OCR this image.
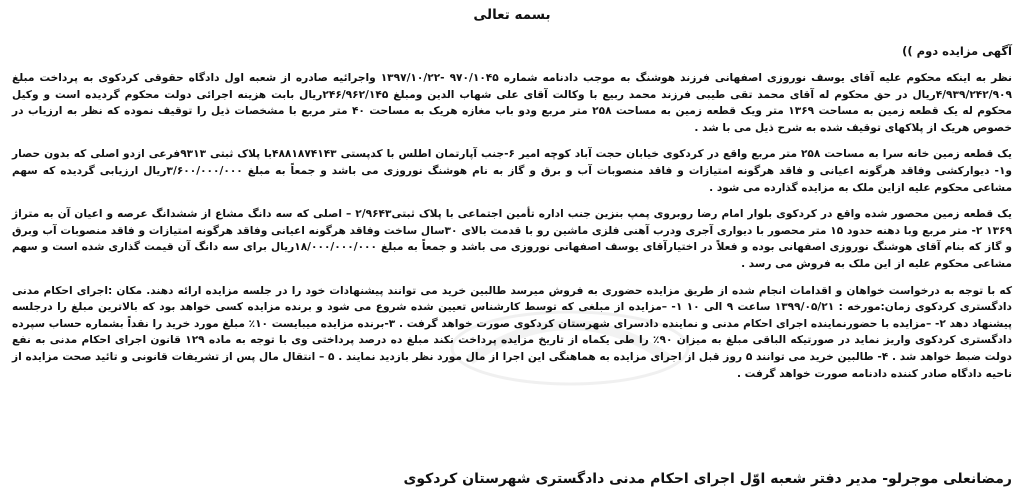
بسمه تعالی
آگهی مزایده دوم ))

نظر به اینکه محکوم علیه آقای یوسف نوروزی اصفهانی فرزند هوشنگ به موجب دادنامه شماره ۹۷۰/۱۰۴۵ -۱۳۹۷/۱۰/۲۲ واجرائیه صادره از شعبه اول دادگاه حقوقی کردکوی به پرداخت مبلغ ۴/۹۳۹/۲۴۲/۹۰۹ریال در حق محکوم له آقای محمد تقی طیبی فرزند محمد ربیع با وکالت آقای علی شهاب الدین ومبلغ ۲۴۶/۹۶۲/۱۴۵ریال بابت هزینه اجرائی دولت محکوم گردیده است و وکیل محکوم له یک قطعه زمین به مساحت ۱۳۶۹ متر ویک قطعه زمین به مساحت ۲۵۸ متر مربع ودو باب مغازه هریک به مساحت ۴۰ متر مربع با مشخصات ذیل را توقیف نموده که نظر به ارزیاب در خصوص هریک از پلاکهای توقیف شده به شرح ذیل می با شد .

یک قطعه زمین خانه سرا به مساحت ۲۵۸ متر مربع واقع در کردکوی خیابان حجت آباد کوچه امیر ۶-جنب آپارتمان اطلس با کدپستی ۴۸۸۱۸۷۴۱۴۳با پلاک ثبتی ۹۳۱۳فرعی ازدو اصلی که بدون حصار و۱- دیوارکشی وفاقد هرگونه اعیانی و فاقد هرگونه امتیازات و فاقد منصوبات آب و برق و گاز به نام هوشنگ نوروزی می باشد و جمعاً به مبلغ ۳/۶۰۰/۰۰۰/۰۰۰ریال ارزیابی گردیده که سهم مشاعی محکوم علیه ازاین ملک به مزایده گذارده می شود .

یک قطعه زمین محصور شده واقع در کردکوی بلوار امام رضا روبروی پمپ بنزین جنب اداره تأمین اجتماعی با پلاک ثبتی۲/۹۶۴۳ – اصلی که سه دانگ مشاع از ششدانگ عرصه و اعیان آن به متراژ ۱۳۶۹ ۲- متر مربع وبا دهنه حدود ۱۵ متر محصور با دیواری آجری ودرب آهنی فلزی ماشین رو با قدمت بالای ۳۰سال ساخت وفاقد هرگونه اعیانی وفاقد هرگونه امتیازات و فاقد منصوبات آب وبرق و گاز که بنام آقای هوشنگ نوروزی اصفهانی بوده و فعلاً در اختیارآقای یوسف اصفهانی نوروزی می باشد و جمعاً به مبلغ ۱۸/۰۰۰/۰۰۰/۰۰۰ریال برای سه دانگ آن قیمت گذاری شده است و سهم مشاعی محکوم علیه از این ملک به فروش می رسد .

که با توجه به درخواست خواهان و اقدامات انجام شده از طریق مزایده حضوری به فروش میرسد طالبین خرید می توانند پیشنهادات خود را در جلسه مزایده ارائه دهند. مکان :اجرای احکام مدنی دادگستری کردکوی زمان:مورخه : ۱۳۹۹/۰۵/۲۱ ساعت ۹ الی ۱۰ ۱- –مزایده از مبلغی که توسط کارشناس تعیین شده شروع می شود و برنده مزایده کسی خواهد بود که بالاترین مبلغ را درجلسه پیشنهاد دهد ۲- –مزایده با حضورنماینده اجرای احکام مدنی و نماینده دادسرای شهرستان کردکوی صورت خواهد گرفت . ۳-برنده مزایده میبایست ۱۰٪ مبلغ مورد خرید را نقداً بشماره حساب سپرده دادگستری کردکوی واریز نماید در صورتیکه الباقی مبلغ به میزان ۹۰٪ را طی یکماه از تاریخ مزایده پرداخت نکند مبلغ ده درصد پرداختی وی با توجه به ماده ۱۲۹ قانون اجرای احکام مدنی به نفع دولت ضبط خواهد شد . ۴- طالبین خرید می توانند ۵ روز قبل از اجرای مزایده به هماهنگی این اجرا از مال مورد نظر بازدید نمایند . ۵ – انتقال مال پس از تشریفات قانونی و تائید صحت مزایده از ناحیه دادگاه صادر کننده دادنامه صورت خواهد گرفت .

رمضانعلی موجرلو- مدیر دفتر شعبه اوّل اجرای احکام مدنی دادگستری شهرستان کردکوی
